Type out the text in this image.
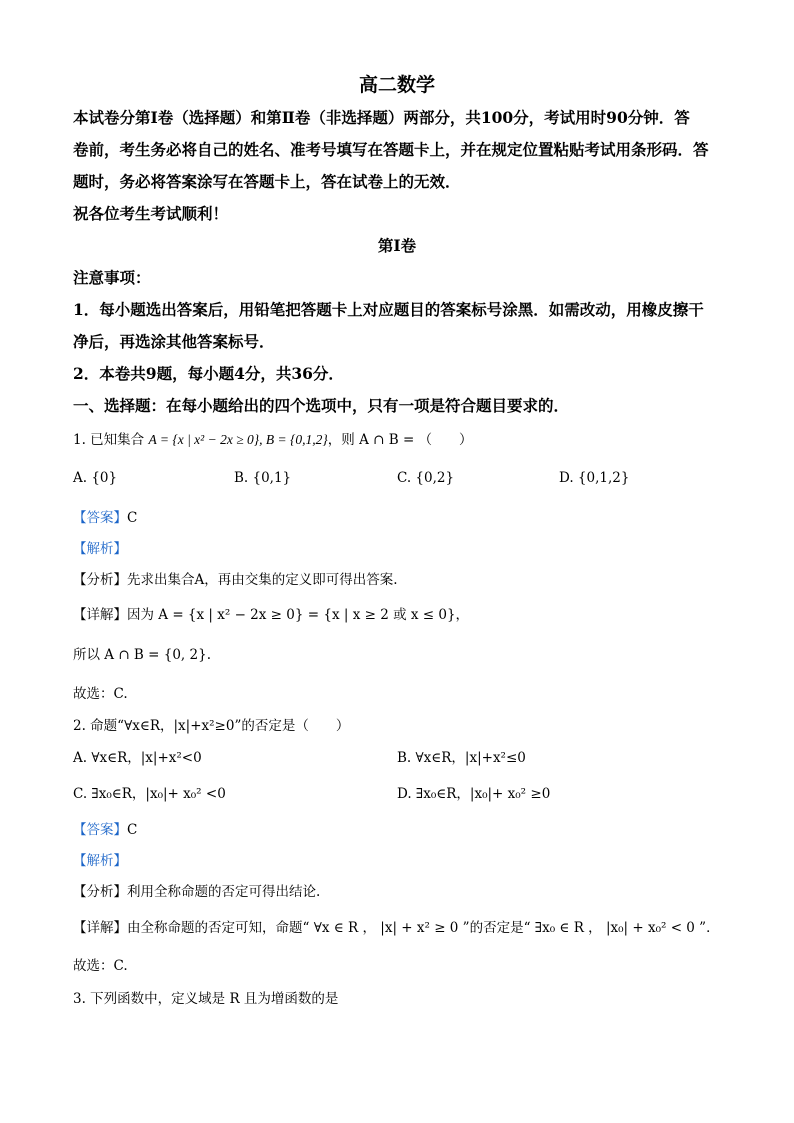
高二数学
本试卷分第Ⅰ卷（选择题）和第Ⅱ卷（非选择题）两部分，共100分，考试用时90分钟．答
卷前，考生务必将自己的姓名、准考号填写在答题卡上，并在规定位置粘贴考试用条形码．答
题时，务必将答案涂写在答题卡上，答在试卷上的无效．
祝各位考生考试顺利！
第Ⅰ卷
注意事项：
1．每小题选出答案后，用铅笔把答题卡上对应题目的答案标号涂黑．如需改动，用橡皮擦干
净后，再选涂其他答案标号．
2．本卷共9题，每小题4分，共36分．
一、选择题：在每小题给出的四个选项中，只有一项是符合题目要求的．
1. 已知集合 A = {x | x² − 2x ≥ 0}, B = {0,1,2}，则 A ∩ B = （　　）
A. {0}	B. {0,1}	C. {0,2}	D. {0,1,2}
【答案】C
【解析】
【分析】先求出集合A，再由交集的定义即可得出答案.
【详解】因为 A = {x | x² − 2x ≥ 0} = {x | x ≥ 2 或 x ≤ 0}，
所以 A ∩ B = {0, 2}.
故选：C.
2. 命题“∀x∈R，|x|+x²≥0”的否定是（　　）
A. ∀x∈R，|x|+x²<0	B. ∀x∈R，|x|+x²≤0
C. ∃x₀∈R，|x₀|+ x₀² <0	D. ∃x₀∈R，|x₀|+ x₀² ≥0
【答案】C
【解析】
【分析】利用全称命题的否定可得出结论.
【详解】由全称命题的否定可知，命题“ ∀x ∈ R ， |x| + x² ≥ 0 ”的否定是“ ∃x₀ ∈ R ， |x₀| + x₀² < 0 ”．
故选：C.
3. 下列函数中，定义域是 R 且为增函数的是
